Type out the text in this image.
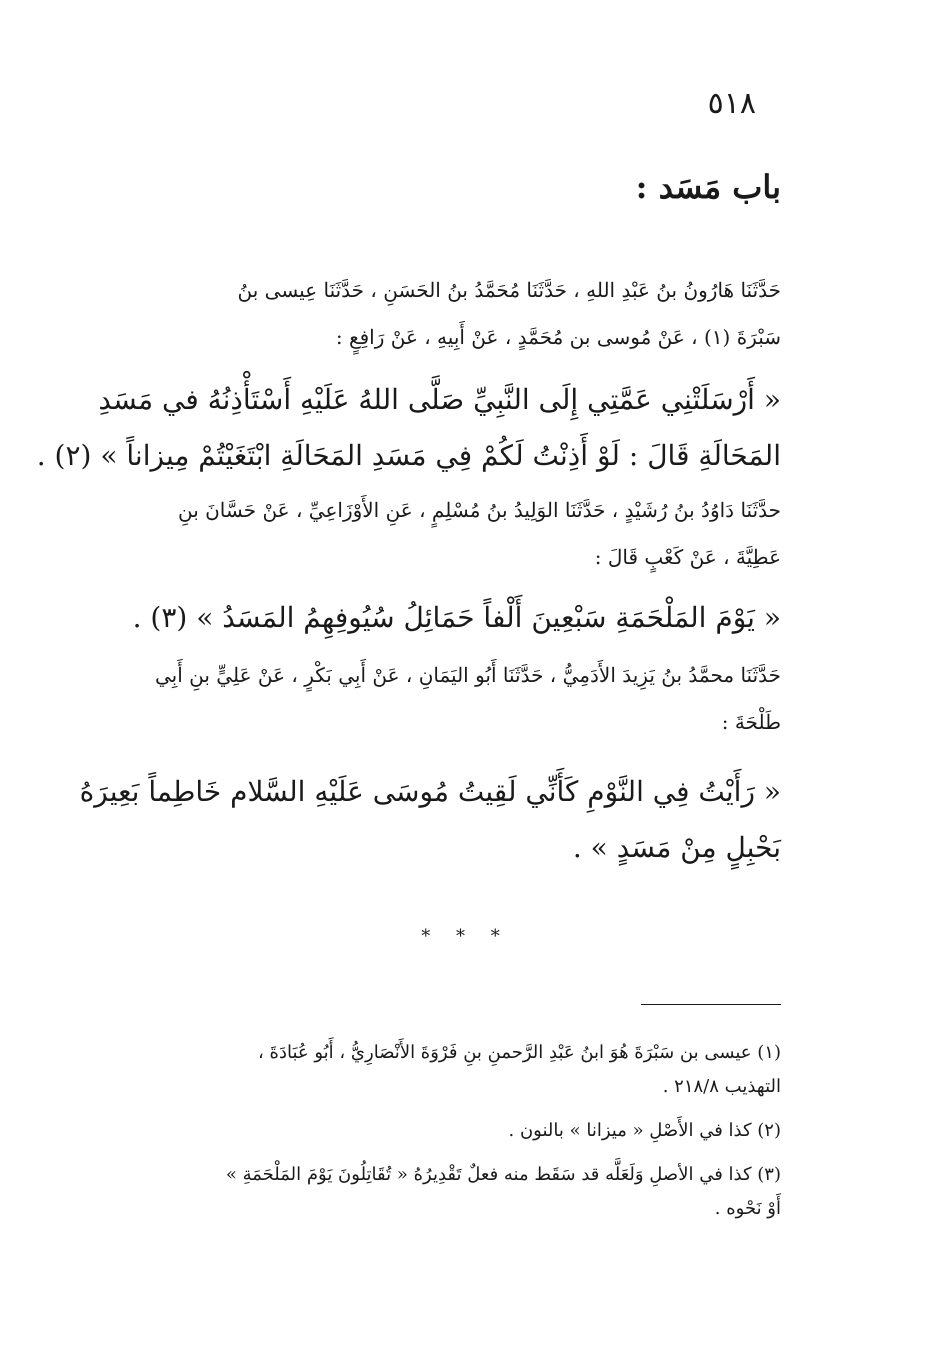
٥١٨
باب مَسَد :
حَدَّثَنَا هَارُونُ بنُ عَبْدِ اللهِ ، حَدَّثَنَا مُحَمَّدُ بنُ الحَسَنِ ، حَدَّثَنَا عِيسى بنُ
سَبْرَةَ (١) ، عَنْ مُوسى بن مُحَمَّدٍ ، عَنْ أَبِيهِ ، عَنْ رَافِعٍ :
« أَرْسَلَتْنِي عَمَّتِي إِلَى النَّبِيِّ صَلَّى اللهُ عَلَيْهِ أَسْتَأْذِنُهُ في مَسَدِ
المَحَالَةِ قَالَ : لَوْ أَذِنْتُ لَكُمْ فِي مَسَدِ المَحَالَةِ ابْتَغَيْتُمْ مِيزاناً » (٢) .
حدَّثَنَا دَاوُدُ بنُ رُشَيْدٍ ، حَدَّثَنَا الوَلِيدُ بنُ مُسْلِمٍ ، عَنِ الأَوْزَاعِيِّ ، عَنْ حَسَّانَ بنِ
عَطِيَّةَ ، عَنْ كَعْبٍ قَالَ :
« يَوْمَ المَلْحَمَةِ سَبْعِينَ أَلْفاً حَمَائِلُ سُيُوفِهِمُ المَسَدُ » (٣) .
حَدَّثَنَا محمَّدُ بنُ يَزِيدَ الأَدَمِيُّ ، حَدَّثَنَا أَبُو اليَمَانِ ، عَنْ أَبِي بَكْرٍ ، عَنْ عَلِيٍّ بنِ أَبِي
طَلْحَةَ :
« رَأَيْتُ فِي النَّوْمِ كَأَنِّي لَقِيتُ مُوسَى عَلَيْهِ السَّلام خَاطِماً بَعِيرَهُ
بَحْبِلٍ مِنْ مَسَدٍ » .
* * *
(١) عيسى بن سَبْرَةَ هُوَ ابنُ عَبْدِ الرَّحمنِ بنِ فَرْوَةَ الأَنْصَارِيُّ ، أَبُو عُبَادَةَ ،
التهذيب ٢١٨/٨ .
(٢) كذا في الأَصْلِ « ميزانا » بالنون .
(٣) كذا في الأصلِ وَلَعَلَّه قد سَقَط منه فعلٌ تَقْدِيرُهُ « تُقَاتِلُونَ يَوْمَ المَلْحَمَةِ »
أَوْ نَحْوه .
